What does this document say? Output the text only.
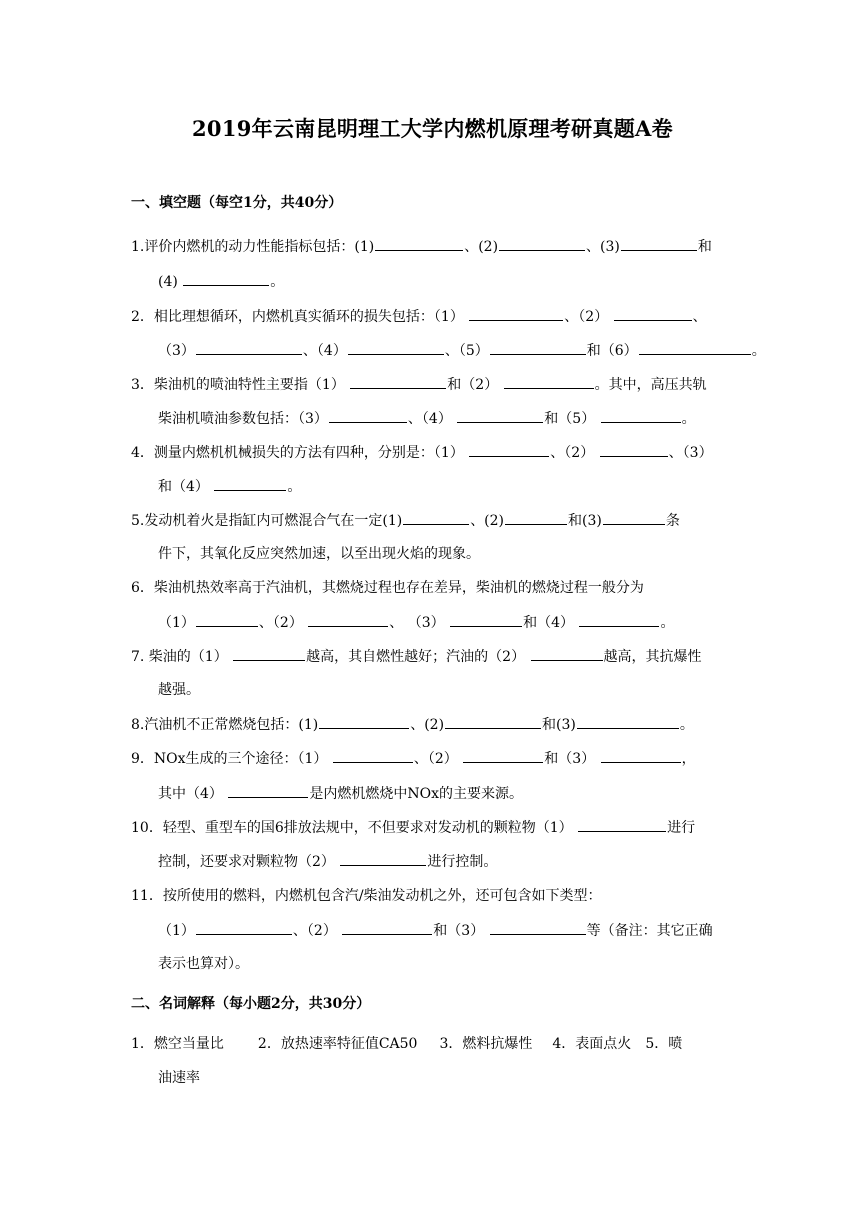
2019年云南昆明理工大学内燃机原理考研真题A卷
一、填空题（每空1分，共40分）
1.评价内燃机的动力性能指标包括：(1)	、(2)	、(3)	和
(4)	。
2．相比理想循环，内燃机真实循环的损失包括：（1）	、（2）	、
（3）	、（4）	、（5）	和（6）	。
3．柴油机的喷油特性主要指（1）	和（2）	。其中，高压共轨
柴油机喷油参数包括：（3）	、（4）	和（5）	。
4．测量内燃机机械损失的方法有四种，分别是：（1）	、（2）	、（3）
和（4）	。
5.发动机着火是指缸内可燃混合气在一定(1)	、(2)	和(3)	条
件下，其氧化反应突然加速，以至出现火焰的现象。
6．柴油机热效率高于汽油机，其燃烧过程也存在差异，柴油机的燃烧过程一般分为
（1）	、（2）	、 （3）	和（4）	。
7. 柴油的（1）	越高，其自燃性越好；汽油的（2）	越高，其抗爆性
越强。
8.汽油机不正常燃烧包括：(1)	、(2)	和(3)	。
9．NOx生成的三个途径：（1）	、（2）	和（3）	，
其中（4）	是内燃机燃烧中NOx的主要来源。
10．轻型、重型车的国6排放法规中，不但要求对发动机的颗粒物（1）	进行
控制，还要求对颗粒物（2）	进行控制。
11．按所使用的燃料，内燃机包含汽/柴油发动机之外，还可包含如下类型：
（1）	、（2）	和（3）	等（备注：其它正确
表示也算对）。
二、名词解释（每小题2分，共30分）
1．燃空当量比 2．放热速率特征值CA50 3．燃料抗爆性 4．表面点火 5．喷
油速率
